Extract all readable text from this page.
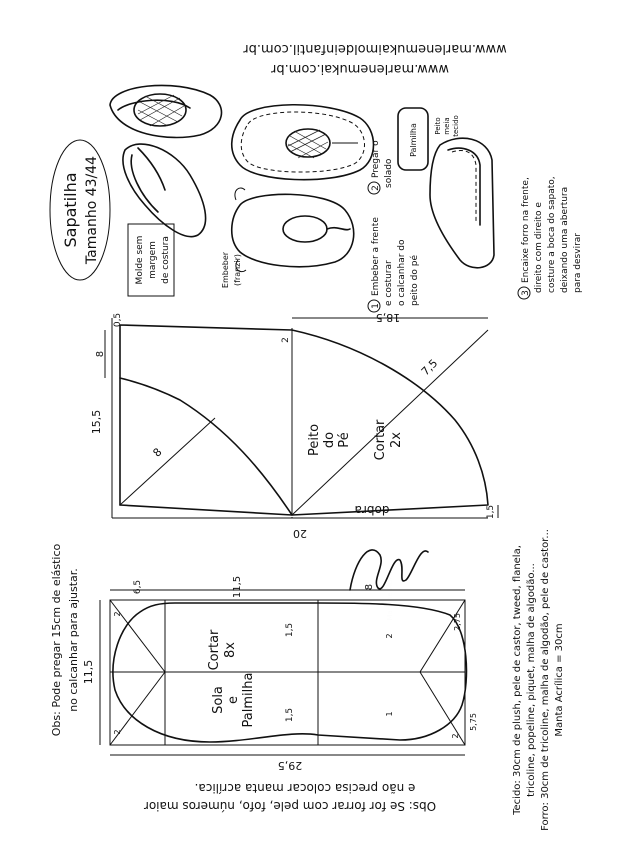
www.marlenemukai.com.br
www.marlenemukaimoldeinfantil.com.br
Sapatilha Tamanho 43/44	Molde sem margem de costura	Embeber (franzir)
1
Embeber a frente e costurar o calcanhar do peito do pé
2
Pregar o solado
Palmilha Peito meia tecido
3
Encaixe forro na frente, direito com direito e costure a boca do sapato, deixando uma abertura para desvirar
15,5
18,5
20
8
0,5
1,5
2
8
7,5
Peito do Pé Cortar 2x
dobra
Marlene Mukai
Obs: Pode pregar 15cm de elástico no calcanhar para ajustar.
29,5
11,5
6,5	11,5	8
2,75
5,75
1,5
1,5
2
2
2
2
1
Sola e Palmilha
Cortar 8x	Tecido: 30cm de plush, pele de castor, tweed, flanela, tricoline, popeline, piquet, malha de algodão... Forro: 30cm de tricoline, malha de algodão, pele de castor... Manta Acrílica = 30cm
Obs: Se for forrar com pele, fofo, números maior
e não precisa colocar manta acrílica.
